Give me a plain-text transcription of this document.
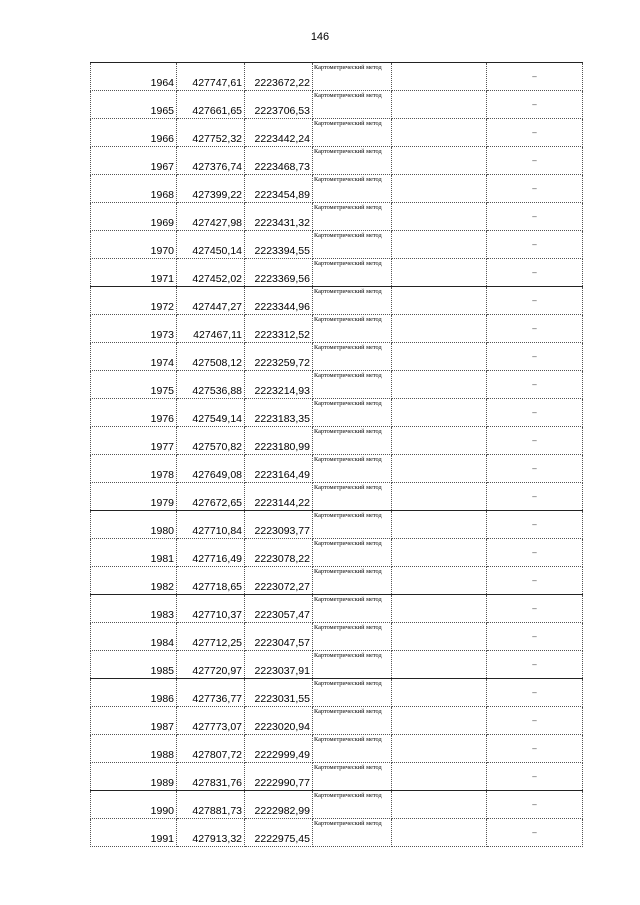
146
1964	427747,61	2223672,22	Картометрический метод		–
1965	427661,65	2223706,53	Картометрический метод		–
1966	427752,32	2223442,24	Картометрический метод		–
1967	427376,74	2223468,73	Картометрический метод		–
1968	427399,22	2223454,89	Картометрический метод		–
1969	427427,98	2223431,32	Картометрический метод		–
1970	427450,14	2223394,55	Картометрический метод		–
1971	427452,02	2223369,56	Картометрический метод		–
1972	427447,27	2223344,96	Картометрический метод		–
1973	427467,11	2223312,52	Картометрический метод		–
1974	427508,12	2223259,72	Картометрический метод		–
1975	427536,88	2223214,93	Картометрический метод		–
1976	427549,14	2223183,35	Картометрический метод		–
1977	427570,82	2223180,99	Картометрический метод		–
1978	427649,08	2223164,49	Картометрический метод		–
1979	427672,65	2223144,22	Картометрический метод		–
1980	427710,84	2223093,77	Картометрический метод		–
1981	427716,49	2223078,22	Картометрический метод		–
1982	427718,65	2223072,27	Картометрический метод		–
1983	427710,37	2223057,47	Картометрический метод		–
1984	427712,25	2223047,57	Картометрический метод		–
1985	427720,97	2223037,91	Картометрический метод		–
1986	427736,77	2223031,55	Картометрический метод		–
1987	427773,07	2223020,94	Картометрический метод		–
1988	427807,72	2222999,49	Картометрический метод		–
1989	427831,76	2222990,77	Картометрический метод		–
1990	427881,73	2222982,99	Картометрический метод		–
1991	427913,32	2222975,45	Картометрический метод		–
